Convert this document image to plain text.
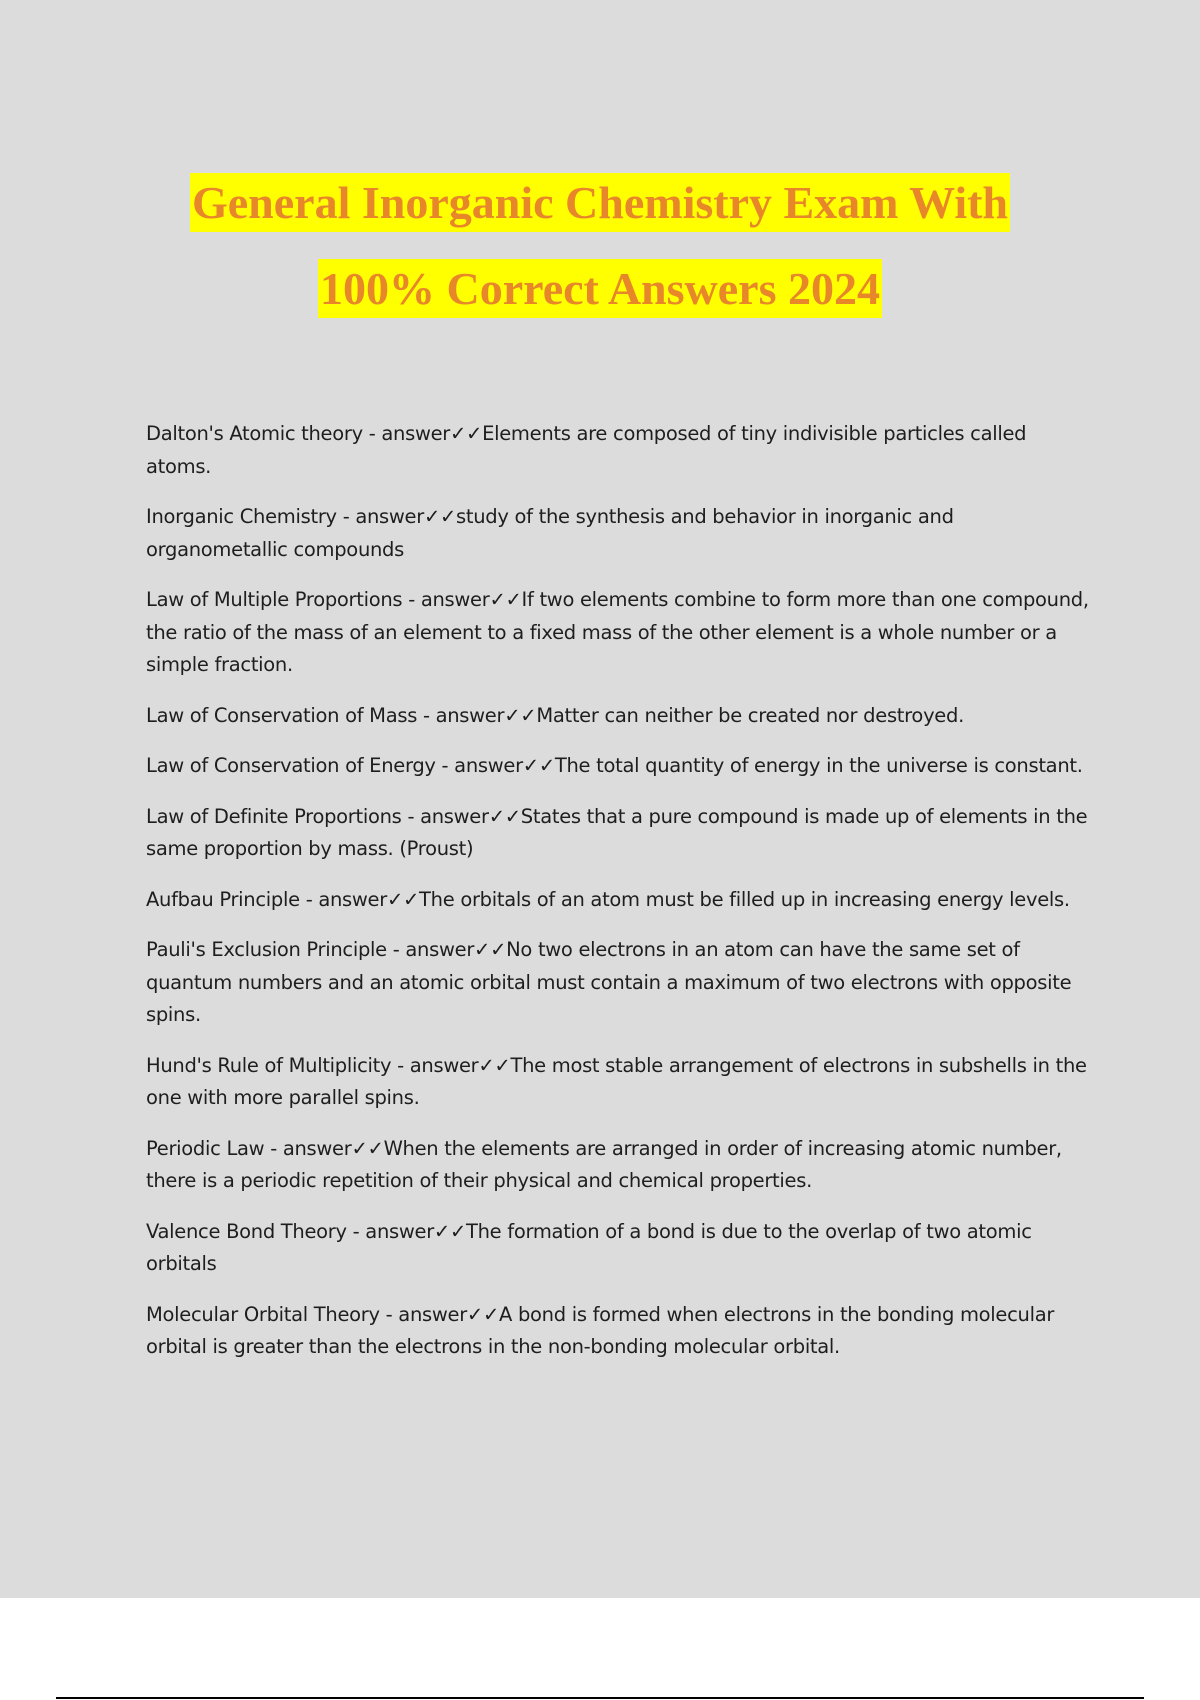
General Inorganic Chemistry Exam With
100% Correct Answers 2024

Dalton's Atomic theory - answer✓✓Elements are composed of tiny indivisible particles called atoms.

Inorganic Chemistry - answer✓✓study of the synthesis and behavior in inorganic and organometallic compounds

Law of Multiple Proportions - answer✓✓If two elements combine to form more than one compound, the ratio of the mass of an element to a fixed mass of the other element is a whole number or a simple fraction.

Law of Conservation of Mass - answer✓✓Matter can neither be created nor destroyed.

Law of Conservation of Energy - answer✓✓The total quantity of energy in the universe is constant.

Law of Definite Proportions - answer✓✓States that a pure compound is made up of elements in the same proportion by mass. (Proust)

Aufbau Principle - answer✓✓The orbitals of an atom must be filled up in increasing energy levels.

Pauli's Exclusion Principle - answer✓✓No two electrons in an atom can have the same set of quantum numbers and an atomic orbital must contain a maximum of two electrons with opposite spins.

Hund's Rule of Multiplicity - answer✓✓The most stable arrangement of electrons in subshells in the one with more parallel spins.

Periodic Law - answer✓✓When the elements are arranged in order of increasing atomic number, there is a periodic repetition of their physical and chemical properties.

Valence Bond Theory - answer✓✓The formation of a bond is due to the overlap of two atomic orbitals

Molecular Orbital Theory - answer✓✓A bond is formed when electrons in the bonding molecular orbital is greater than the electrons in the non-bonding molecular orbital.
